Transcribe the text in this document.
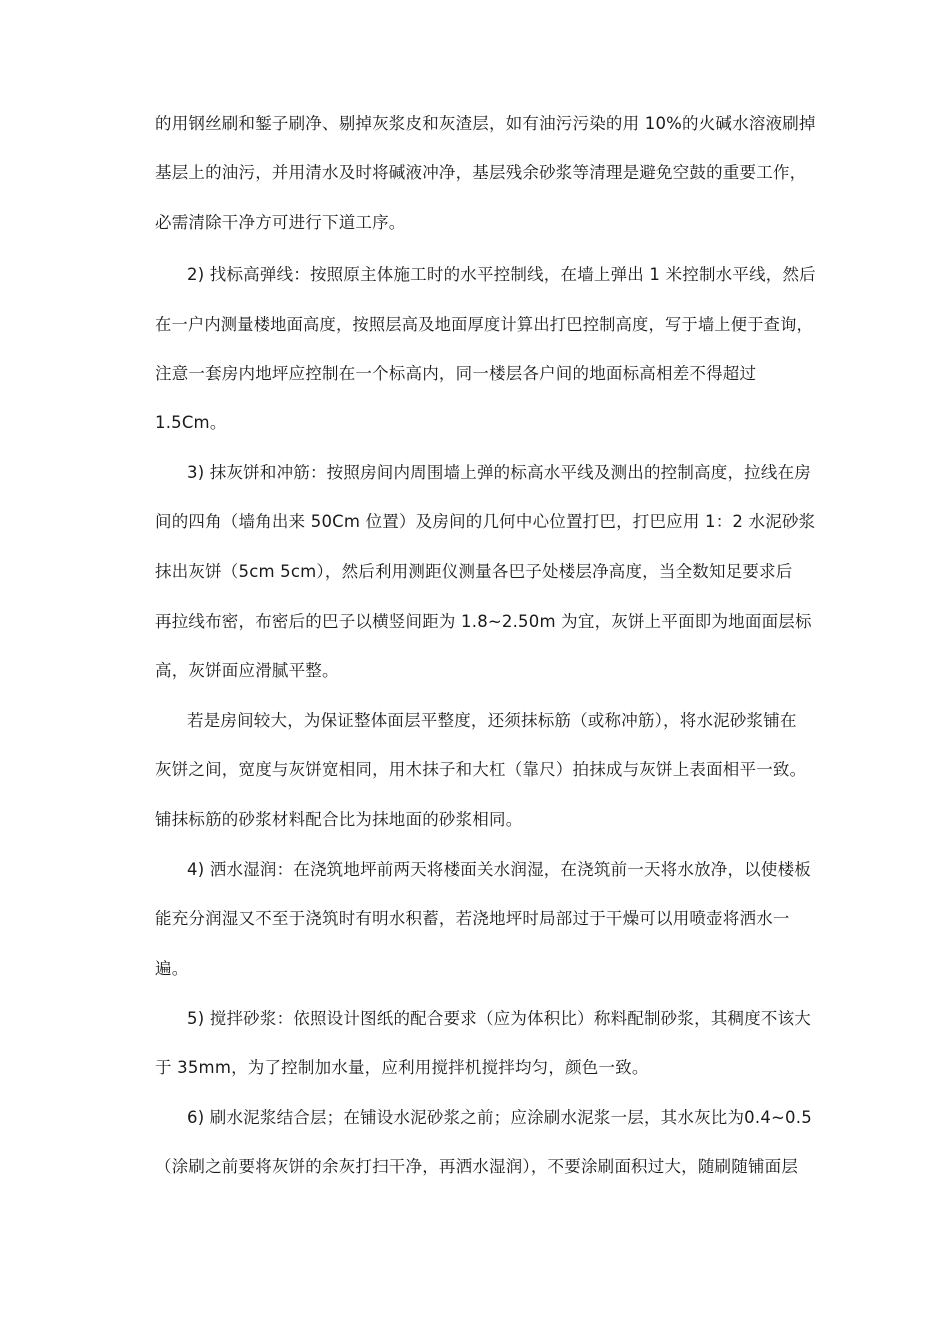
的用钢丝刷和錾子刷净、剔掉灰浆皮和灰渣层，如有油污污染的用 10%的火碱水溶液刷掉
基层上的油污，并用清水及时将碱液冲净，基层残余砂浆等清理是避免空鼓的重要工作，
必需清除干净方可进行下道工序。
2) 找标高弹线：按照原主体施工时的水平控制线，在墙上弹出 1 米控制水平线，然后
在一户内测量楼地面高度，按照层高及地面厚度计算出打巴控制高度，写于墙上便于查询，
注意一套房内地坪应控制在一个标高内，同一楼层各户间的地面标高相差不得超过
1.5Cm。
3) 抹灰饼和冲筋：按照房间内周围墙上弹的标高水平线及测出的控制高度，拉线在房
间的四角（墙角出来 50Cm 位置）及房间的几何中心位置打巴，打巴应用 1：2 水泥砂浆
抹出灰饼（5cm 5cm），然后利用测距仪测量各巴子处楼层净高度，当全数知足要求后
再拉线布密，布密后的巴子以横竖间距为 1.8~2.50m 为宜，灰饼上平面即为地面面层标
高，灰饼面应滑腻平整。
若是房间较大，为保证整体面层平整度，还须抹标筋（或称冲筋），将水泥砂浆铺在
灰饼之间，宽度与灰饼宽相同，用木抹子和大杠（靠尺）拍抹成与灰饼上表面相平一致。
铺抹标筋的砂浆材料配合比为抹地面的砂浆相同。
4) 洒水湿润：在浇筑地坪前两天将楼面关水润湿，在浇筑前一天将水放净，以使楼板
能充分润湿又不至于浇筑时有明水积蓄，若浇地坪时局部过于干燥可以用喷壶将洒水一
遍。
5) 搅拌砂浆：依照设计图纸的配合要求（应为体积比）称料配制砂浆，其稠度不该大
于 35mm，为了控制加水量，应利用搅拌机搅拌均匀，颜色一致。
6) 刷水泥浆结合层；在铺设水泥砂浆之前；应涂刷水泥浆一层，其水灰比为0.4~0.5
（涂刷之前要将灰饼的余灰打扫干净，再洒水湿润），不要涂刷面积过大，随刷随铺面层
